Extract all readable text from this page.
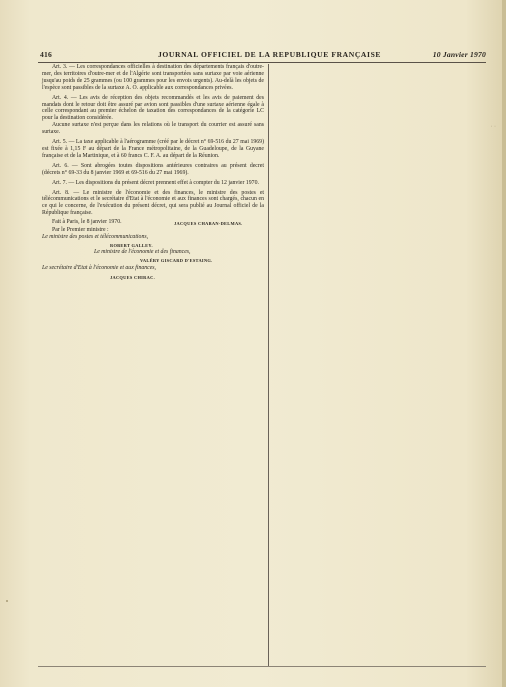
416	JOURNAL OFFICIEL DE LA REPUBLIQUE FRANÇAISE	10 Janvier 1970

Art. 3. — Les correspondances officielles à destination des départements français d'outre-mer, des territoires d'outre-mer et de l'Algérie sont transportées sans surtaxe par voie aérienne jusqu'au poids de 25 grammes (ou 100 grammes pour les envois urgents). Au-delà les objets de l'espèce sont passibles de la surtaxe A. O. applicable aux correspondances privées.

Art. 4. — Les avis de réception des objets recommandés et les avis de paiement des mandats dont le retour doit être assuré par avion sont passibles d'une surtaxe aérienne égale à celle correspondant au premier échelon de taxation des correspondances de la catégorie LC pour la destination considérée.

Aucune surtaxe n'est perçue dans les relations où le transport du courrier est assuré sans surtaxe.

Art. 5. — La taxe applicable à l'aérogramme (créé par le décret n° 69-516 du 27 mai 1969) est fixée à 1,15 F au départ de la France métropolitaine, de la Guadeloupe, de la Guyane française et de la Martinique, et à 60 francs C. F. A. au départ de la Réunion.

Art. 6. — Sont abrogées toutes dispositions antérieures contraires au présent decret (décrets n° 69-33 du 8 janvier 1969 et 69-516 du 27 mai 1969).

Art. 7. — Les dispositions du présent décret prennent effet à compter du 12 janvier 1970.

Art. 8. — Le ministre de l'économie et des finances, le ministre des postes et télécommunications et le secrétaire d'Etat à l'économie et aux finances sont chargés, chacun en ce qui le concerne, de l'exécution du présent décret, qui sera publié au Journal officiel de la République française.

Fait à Paris, le 8 janvier 1970.	JACQUES CHABAN-DELMAS.
Par le Premier ministre :
Le ministre des postes et télécommunications,
ROBERT GALLEY.
Le ministre de l'économie et des finances,
VALÉRY GISCARD D'ESTAING.
Le secrétaire d'Etat à l'économie et aux finances,
JACQUES CHIRAC.
· ·
